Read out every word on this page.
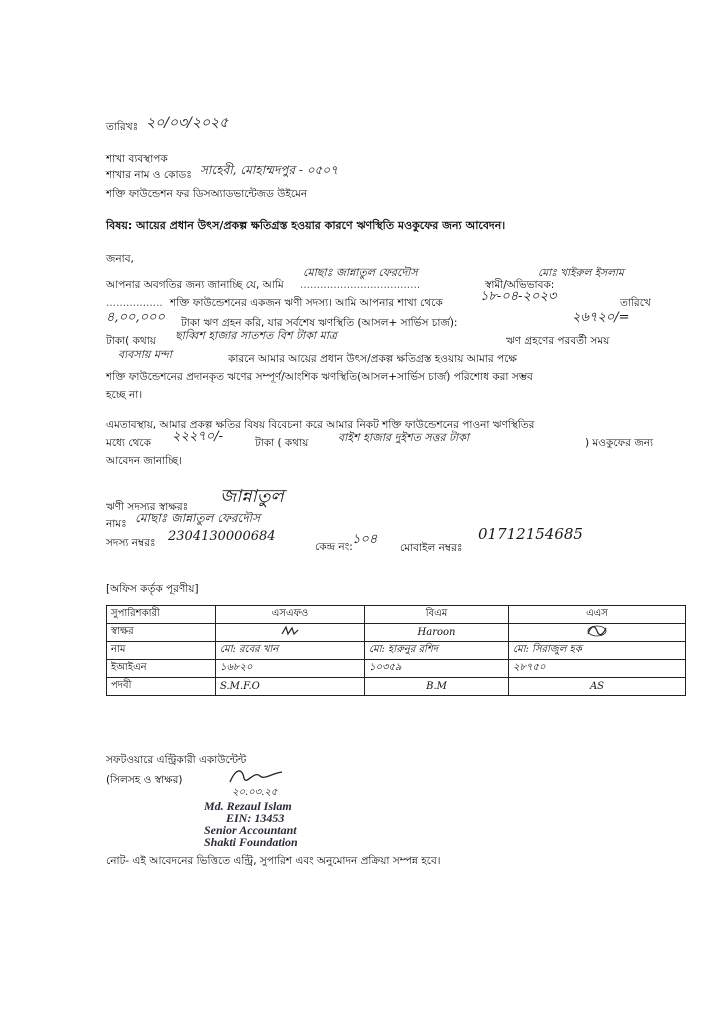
তারিখঃ ২০/০৩/২০২৫
শাখা ব্যবস্থাপক
শাখার নাম ও কোডঃ সাহেবী, মোহাম্মদপুর - ০৫০৭
শক্তি ফাউন্ডেশন ফর ডিসঅ্যাডভান্টেজড উইমেন
বিষয়: আয়ের প্রধান উৎস/প্রকল্প ক্ষতিগ্রস্ত হওয়ার কারণে ঋণস্থিতি মওকুফের জন্য আবেদন।
জনাব,
আপনার অবগতির জন্য জানাচ্ছি যে, আমি
মোছাঃ জান্নাতুল ফেরদৌস
....................................	স্বামী/অভিভাবক:
মোঃ খাইরুল ইসলাম
................. শক্তি ফাউন্ডেশনের একজন ঋণী সদস্য। আমি আপনার শাখা থেকে	১৮-০৪-২০২৩	তারিখে
৪,০০,০০০ টাকা ঋণ গ্রহন করি, যার সর্বশেষ ঋণস্থিতি (আসল+ সার্ভিস চার্জ):	২৬৭২০/=
টাকা( কথায় ছাব্বিশ হাজার সাতশত বিশ টাকা মাত্র	ঋণ গ্রহণের পরবর্তী সময়
ব্যবসায় মন্দা	কারনে আমার আয়ের প্রধান উৎস/প্রকল্প ক্ষতিগ্রস্ত হওয়ায় আমার পক্ষে
শক্তি ফাউন্ডেশনের প্রদানকৃত ঋণের সম্পূর্ণ/আংশিক ঋণস্থিতি(আসল+সার্ভিস চার্জ) পরিশোধ করা সম্ভব
হচ্ছে না।
এমতাবস্থায়, আমার প্রকল্প ক্ষতির বিষয় বিবেচনা করে আমার নিকট শক্তি ফাউন্ডেশনের পাওনা ঋণস্থিতির
মধ্যে থেকে ২২২৭০/-	টাকা ( কথায়	বাইশ হাজার দুইশত সত্তর টাকা	) মওকুফের জন্য
আবেদন জানাচ্ছি।
ঋণী সদস্যর স্বাক্ষরঃ জান্নাতুল
নামঃ মোছাঃ জান্নাতুল ফেরদৌস
সদস্য নম্বরঃ 2304130000684
কেন্দ্র নং: ১০৪
মোবাইল নম্বরঃ
01712154685
[অফিস কর্তৃক পূরণীয়]
সুপারিশকারী	এসএফও	বিএম	এএস
স্বাক্ষর		Haroon	
নাম	মো: রবের খান	মো: হারুনুর রশিদ	মো: সিরাজুল হক
ইআইএন	১৬৮২০	১০৩৫৯	২৮৭৫০
পদবী	S.M.F.O	B.M	AS
সফটওয়ারে এন্ট্রিকারী একাউন্টেন্ট
(সিলসহ ও স্বাক্ষর)
২০.০৩.২৫
Md. Rezaul Islam
EIN: 13453
Senior Accountant
Shakti Foundation
নোট- এই আবেদনের ভিত্তিতে এন্ট্রি, সুপারিশ এবং অনুমোদন প্রক্রিয়া সম্পন্ন হবে।
